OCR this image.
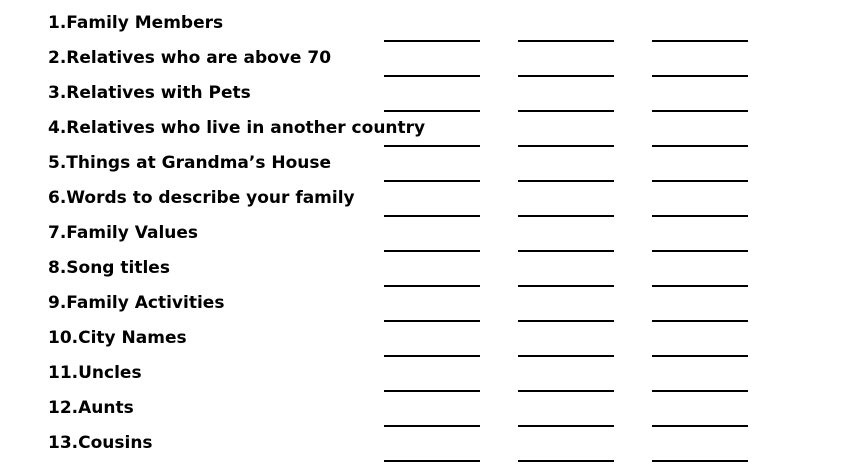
1.Family Members
2.Relatives who are above 70
3.Relatives with Pets
4.Relatives who live in another country
5.Things at Grandma’s House
6.Words to describe your family
7.Family Values
8.Song titles
9.Family Activities
10.City Names
11.Uncles
12.Aunts
13.Cousins
